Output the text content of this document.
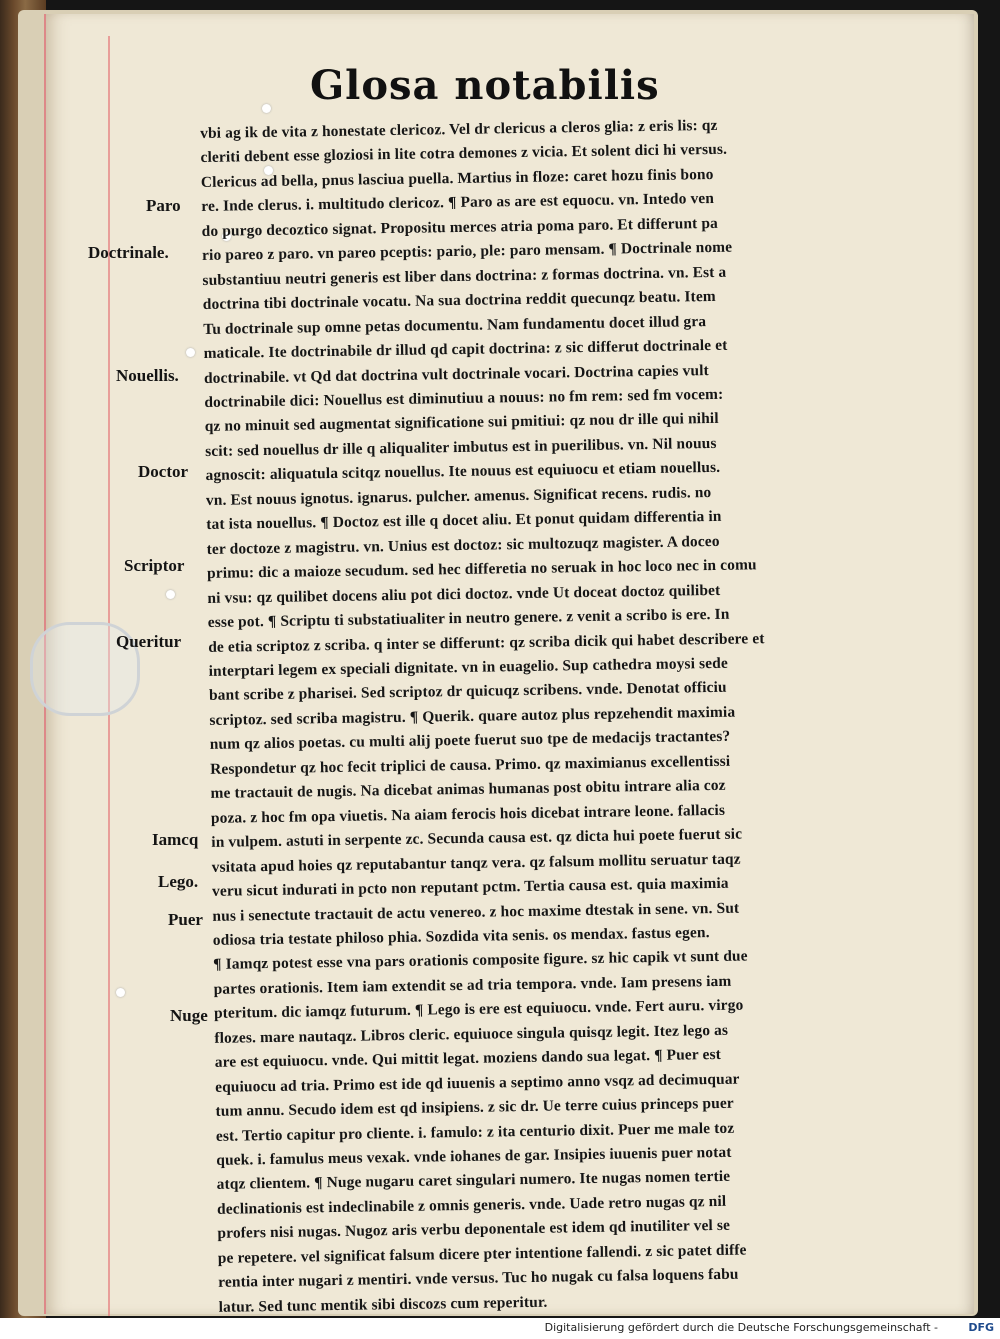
Glosa notabilis
Paro
Doctrinale.
Nouellis.
Doctor
Scriptor
Queritur
Iamcq
Lego.
Puer
Nuge
vbi ag ik de vita z honestate clericoz. Vel dr clericus a cleros glia: z eris lis: qz
cleriti debent esse gloziosi in lite cotra demones z vicia. Et solent dici hi versus.
Clericus ad bella, pnus lasciua puella. Martius in floze: caret hozu finis bono
re. Inde clerus. i. multitudo clericoz. ¶ Paro as are est equocu. vn. Intedo ven
do purgo decoztico signat. Propositu merces atria poma paro. Et differunt pa
rio pareo z paro. vn pareo pceptis: pario, ple: paro mensam. ¶ Doctrinale nome
substantiuu neutri generis est liber dans doctrina: z formas doctrina. vn. Est a
doctrina tibi doctrinale vocatu. Na sua doctrina reddit quecunqz beatu. Item
Tu doctrinale sup omne petas documentu. Nam fundamentu docet illud gra
maticale. Ite doctrinabile dr illud qd capit doctrina: z sic differut doctrinale et
doctrinabile. vt Qd dat doctrina vult doctrinale vocari. Doctrina capies vult
doctrinabile dici: Nouellus est diminutiuu a nouus: no fm rem: sed fm vocem:
qz no minuit sed augmentat significatione sui pmitiui: qz nou dr ille qui nihil
scit: sed nouellus dr ille q aliqualiter imbutus est in puerilibus. vn. Nil nouus
agnoscit: aliquatula scitqz nouellus. Ite nouus est equiuocu et etiam nouellus.
vn. Est nouus ignotus. ignarus. pulcher. amenus. Significat recens. rudis. no
tat ista nouellus. ¶ Doctoz est ille q docet aliu. Et ponut quidam differentia in
ter doctoze z magistru. vn. Unius est doctoz: sic multozuqz magister. A doceo
primu: dic a maioze secudum. sed hec differetia no seruak in hoc loco nec in comu
ni vsu: qz quilibet docens aliu pot dici doctoz. vnde Ut doceat doctoz quilibet
esse pot. ¶ Scriptu ti substatiualiter in neutro genere. z venit a scribo is ere. In
de etia scriptoz z scriba. q inter se differunt: qz scriba dicik qui habet describere et
interptari legem ex speciali dignitate. vn in euagelio. Sup cathedra moysi sede
bant scribe z pharisei. Sed scriptoz dr quicuqz scribens. vnde. Denotat officiu
scriptoz. sed scriba magistru. ¶ Querik. quare autoz plus repzehendit maximia
num qz alios poetas. cu multi alij poete fuerut suo tpe de medacijs tractantes?
Respondetur qz hoc fecit triplici de causa. Primo. qz maximianus excellentissi
me tractauit de nugis. Na dicebat animas humanas post obitu intrare alia coz
poza. z hoc fm opa viuetis. Na aiam ferocis hois dicebat intrare leone. fallacis
in vulpem. astuti in serpente zc. Secunda causa est. qz dicta hui poete fuerut sic
vsitata apud hoies qz reputabantur tanqz vera. qz falsum mollitu seruatur taqz
veru sicut indurati in pcto non reputant pctm. Tertia causa est. quia maximia
nus i senectute tractauit de actu venereo. z hoc maxime dtestak in sene. vn. Sut
odiosa tria testate philoso phia. Sozdida vita senis. os mendax. fastus egen.
¶ Iamqz potest esse vna pars orationis composite figure. sz hic capik vt sunt due
partes orationis. Item iam extendit se ad tria tempora. vnde. Iam presens iam
pteritum. dic iamqz futurum. ¶ Lego is ere est equiuocu. vnde. Fert auru. virgo
flozes. mare nautaqz. Libros cleric. equiuoce singula quisqz legit. Itez lego as
are est equiuocu. vnde. Qui mittit legat. moziens dando sua legat. ¶ Puer est
equiuocu ad tria. Primo est ide qd iuuenis a septimo anno vsqz ad decimuquar
tum annu. Secudo idem est qd insipiens. z sic dr. Ue terre cuius princeps puer
est. Tertio capitur pro cliente. i. famulo: z ita centurio dixit. Puer me male toz
quek. i. famulus meus vexak. vnde iohanes de gar. Insipies iuuenis puer notat
atqz clientem. ¶ Nuge nugaru caret singulari numero. Ite nugas nomen tertie
declinationis est indeclinabile z omnis generis. vnde. Uade retro nugas qz nil
profers nisi nugas. Nugoz aris verbu deponentale est idem qd inutiliter vel se
pe repetere. vel significat falsum dicere pter intentione fallendi. z sic patet diffe
rentia inter nugari z mentiri. vnde versus. Tuc ho nugak cu falsa loquens fabu
latur. Sed tunc mentik sibi discozs cum reperitur.
Digitalisierung gefördert durch die Deutsche Forschungsgemeinschaft -	DFG
